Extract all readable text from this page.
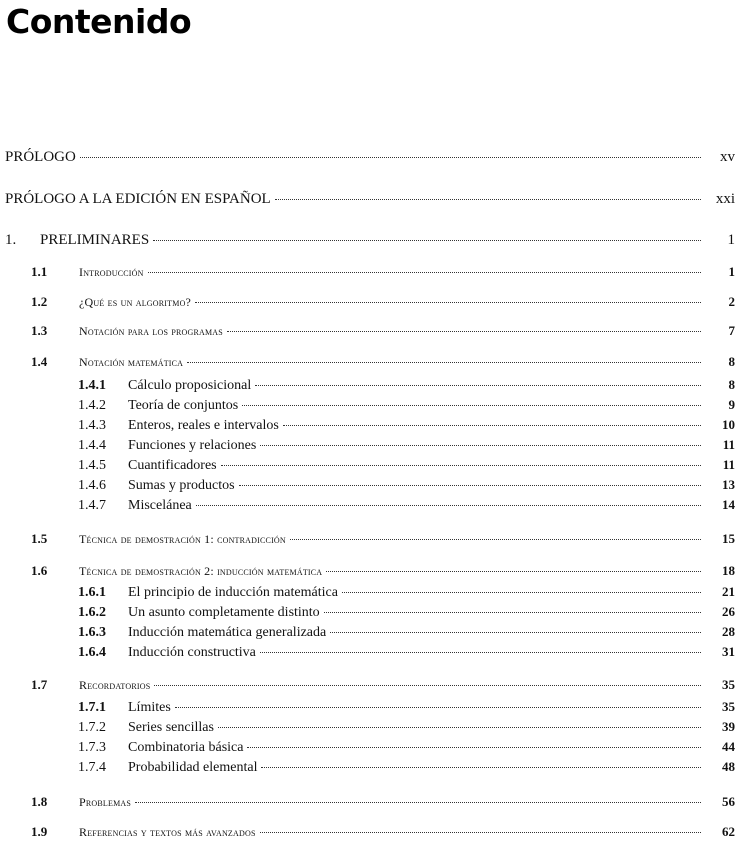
Contenido
PRÓLOGO	xv
PRÓLOGO A LA EDICIÓN EN ESPAÑOL	xxi
1.	PRELIMINARES	1
1.1	Introducción	1
1.2	¿Qué es un algoritmo?	2
1.3	Notación para los programas	7
1.4	Notación matemática	8
1.4.1	Cálculo proposicional	8
1.4.2	Teoría de conjuntos	9
1.4.3	Enteros, reales e intervalos	10
1.4.4	Funciones y relaciones	11
1.4.5	Cuantificadores	11
1.4.6	Sumas y productos	13
1.4.7	Miscelánea	14
1.5	Técnica de demostración 1: contradicción	15
1.6	Técnica de demostración 2: inducción matemática	18
1.6.1	El principio de inducción matemática	21
1.6.2	Un asunto completamente distinto	26
1.6.3	Inducción matemática generalizada	28
1.6.4	Inducción constructiva	31
1.7	Recordatorios	35
1.7.1	Límites	35
1.7.2	Series sencillas	39
1.7.3	Combinatoria básica	44
1.7.4	Probabilidad elemental	48
1.8	Problemas	56
1.9	Referencias y textos más avanzados	62
